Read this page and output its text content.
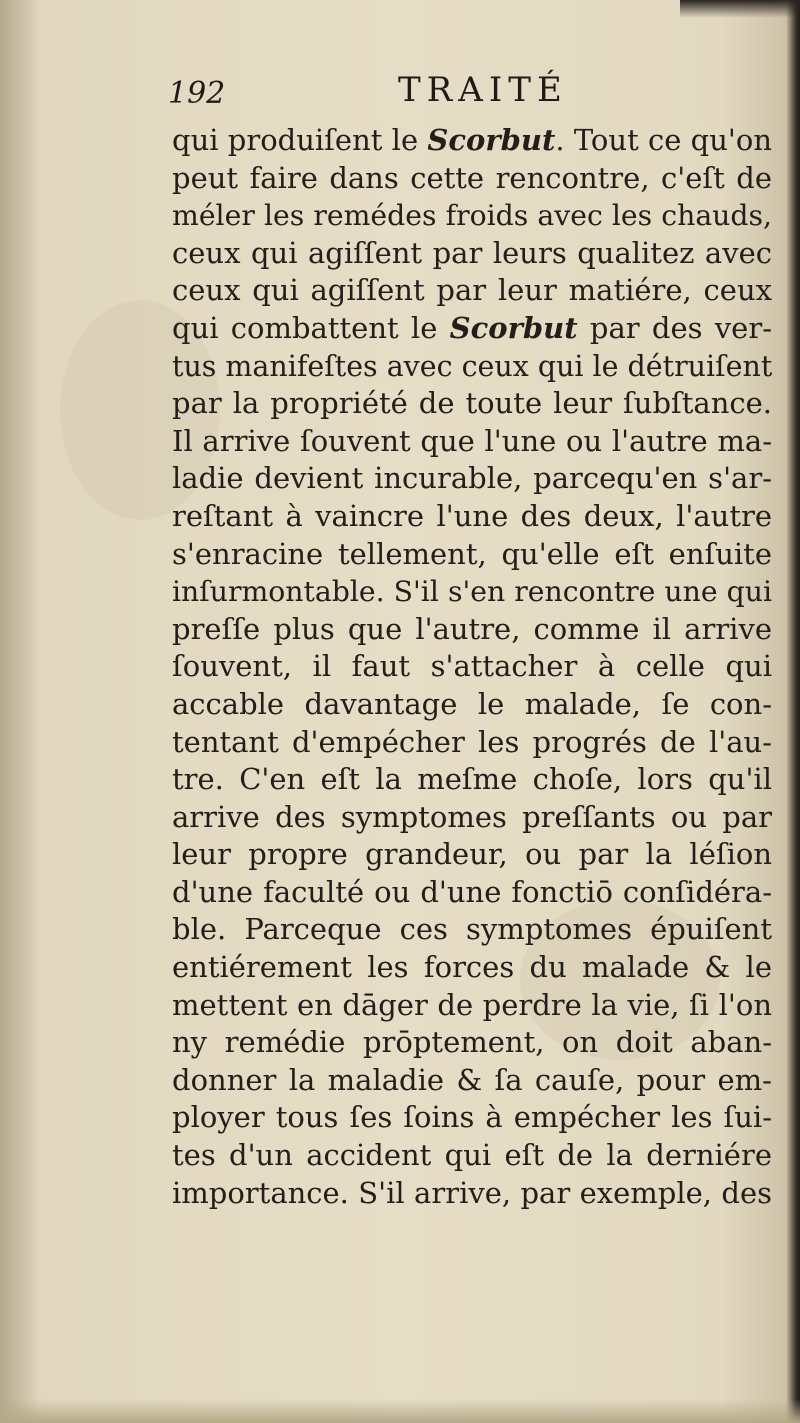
192	TRAITÉ
qui produiſent le Scorbut. Tout ce qu'on
peut faire dans cette rencontre, c'eſt de
méler les remédes froids avec les chauds,
ceux qui agiſſent par leurs qualitez avec
ceux qui agiſſent par leur matiére, ceux
qui combattent le Scorbut par des ver-
tus manifeſtes avec ceux qui le détruiſent
par la propriété de toute leur ſubſtance.
Il arrive ſouvent que l'une ou l'autre ma-
ladie devient incurable, parcequ'en s'ar-
reſtant à vaincre l'une des deux, l'autre
s'enracine tellement, qu'elle eſt enſuite
inſurmontable. S'il s'en rencontre une qui
preſſe plus que l'autre, comme il arrive
ſouvent, il faut s'attacher à celle qui
accable davantage le malade, ſe con-
tentant d'empécher les progrés de l'au-
tre. C'en eſt la meſme choſe, lors qu'il
arrive des symptomes preſſants ou par
leur propre grandeur, ou par la léſion
d'une faculté ou d'une fonctiō conſidéra-
ble. Parceque ces symptomes épuiſent
entiérement les forces du malade & le
mettent en dāger de perdre la vie, ſi l'on
ny remédie prōptement, on doit aban-
donner la maladie & ſa cauſe, pour em-
ployer tous ſes ſoins à empécher les ſui-
tes d'un accident qui eſt de la derniére
importance. S'il arrive, par exemple, des
